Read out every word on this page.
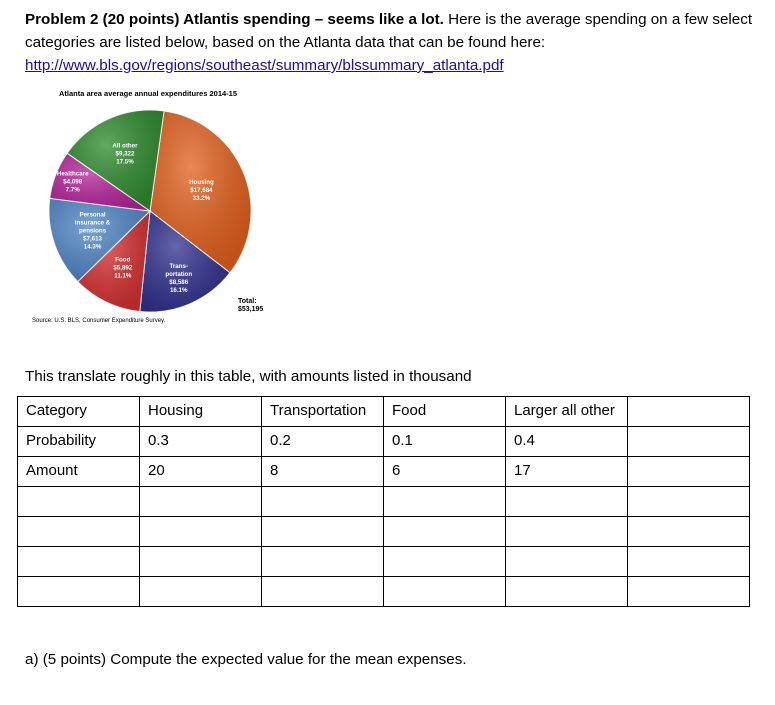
Problem 2 (20 points) Atlantis spending – seems like a lot. Here is the average spending on a few select categories are listed below, based on the Atlanta data that can be found here:
http://www.bls.gov/regions/southeast/summary/blssummary_atlanta.pdf
Atlanta area average annual expenditures 2014-15
Housing $17,684 33.2%
Trans-portation $8,586 16.1%
Food $5,892 11.1%
Personal insurance & pensions $7,613 14.3%
Healthcare $4,098 7.7%
All other $9,322 17.5%
Total:
$53,195
Source: U.S. BLS, Consumer Expenditure Survey.
This translate roughly in this table, with amounts listed in thousand
Category	Housing	Transportation	Food	Larger all other	
Probability	0.3	0.2	0.1	0.4	
Amount	20	8	6	17	

a) (5 points) Compute the expected value for the mean expenses.
